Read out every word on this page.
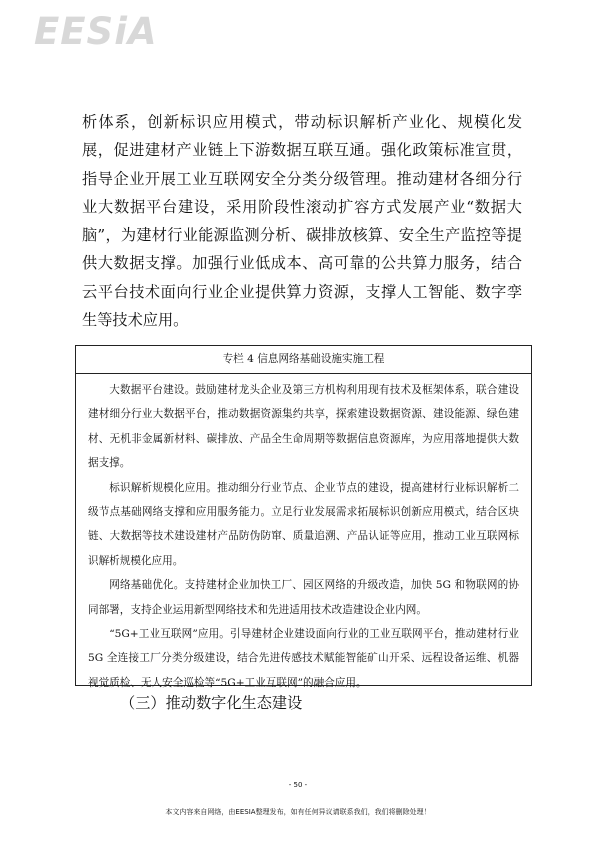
EESiA

析体系，创新标识应用模式，带动标识解析产业化、规模化发展，促进建材产业链上下游数据互联互通。强化政策标准宣贯，指导企业开展工业互联网安全分类分级管理。推动建材各细分行业大数据平台建设，采用阶段性滚动扩容方式发展产业“数据大脑”，为建材行业能源监测分析、碳排放核算、安全生产监控等提供大数据支撑。加强行业低成本、高可靠的公共算力服务，结合云平台技术面向行业企业提供算力资源，支撑人工智能、数字孪生等技术应用。

专栏 4 信息网络基础设施实施工程

大数据平台建设。鼓励建材龙头企业及第三方机构利用现有技术及框架体系，联合建设建材细分行业大数据平台，推动数据资源集约共享，探索建设数据资源、建设能源、绿色建材、无机非金属新材料、碳排放、产品全生命周期等数据信息资源库，为应用落地提供大数据支撑。

标识解析规模化应用。推动细分行业节点、企业节点的建设，提高建材行业标识解析二级节点基础网络支撑和应用服务能力。立足行业发展需求拓展标识创新应用模式，结合区块链、大数据等技术建设建材产品防伪防窜、质量追溯、产品认证等应用，推动工业互联网标识解析规模化应用。

网络基础优化。支持建材企业加快工厂、园区网络的升级改造，加快 5G 和物联网的协同部署，支持企业运用新型网络技术和先进适用技术改造建设企业内网。

“5G+工业互联网”应用。引导建材企业建设面向行业的工业互联网平台，推动建材行业 5G 全连接工厂分类分级建设，结合先进传感技术赋能智能矿山开采、远程设备运维、机器视觉质检、无人安全巡检等“5G+工业互联网”的融合应用。

（三）推动数字化生态建设
- 50 -
本文内容来自网络，由EESIA整理发布，如有任何异议请联系我们，我们将删除处理！
